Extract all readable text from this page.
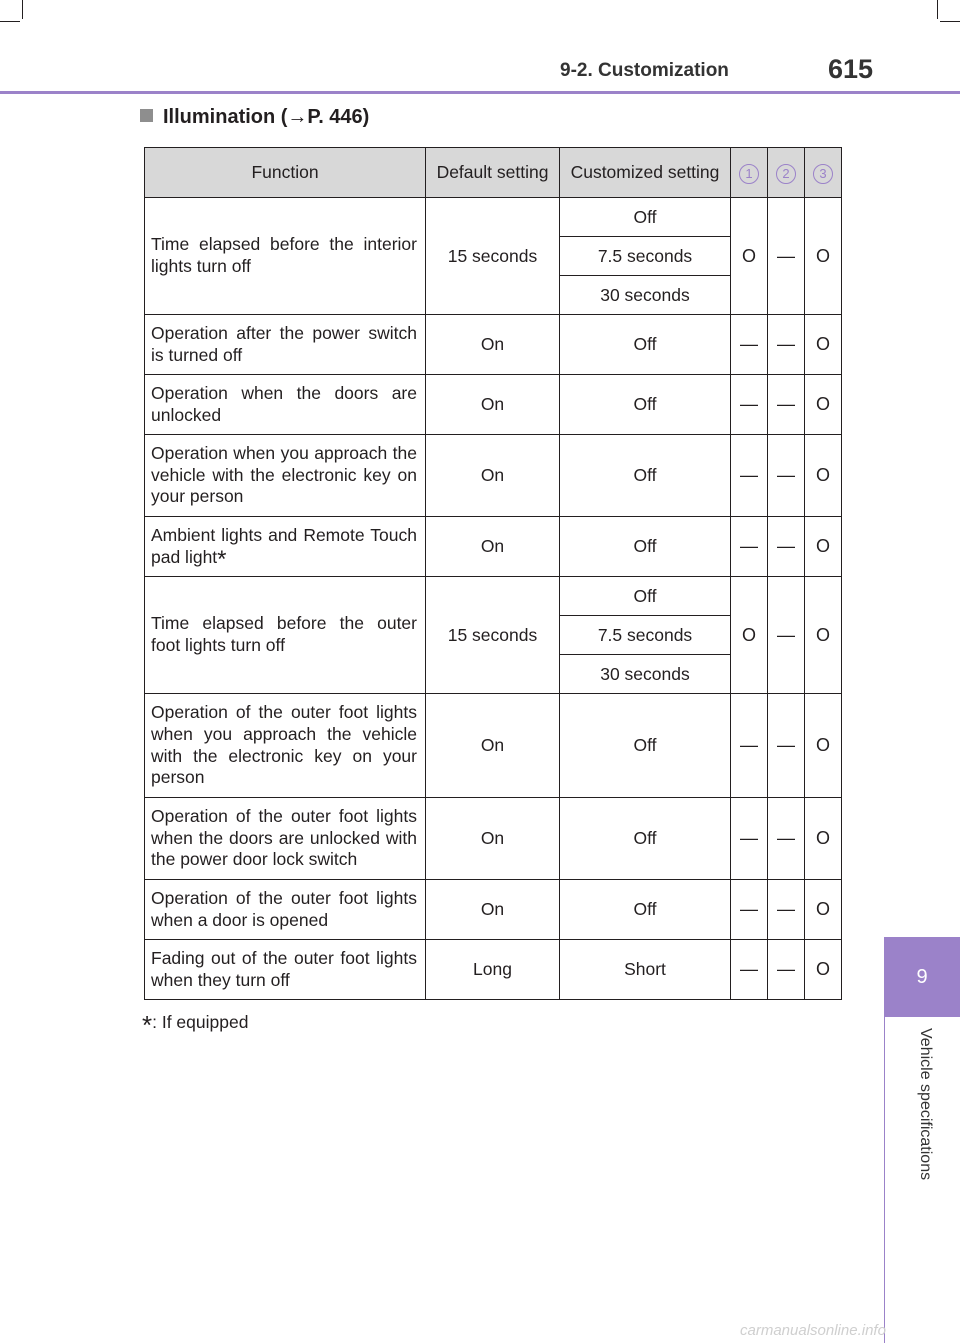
9-2. Customization	615
9
Vehicle specifications
Illumination (→P. 446)
Function	Default setting	Customized setting	1	2	3
Time elapsed before the interior lights turn off	15 seconds	Off	O	—	O
		7.5 seconds			
		30 seconds			
Operation after the power switch is turned off	On	Off	—	—	O
Operation when the doors are unlocked	On	Off	—	—	O
Operation when you approach the vehicle with the electronic key on your person	On	Off	—	—	O
Ambient lights and Remote Touch pad light*	On	Off	—	—	O
Time elapsed before the outer foot lights turn off	15 seconds	Off	O	—	O
		7.5 seconds			
		30 seconds			
Operation of the outer foot lights when you approach the vehicle with the electronic key on your person	On	Off	—	—	O
Operation of the outer foot lights when the doors are unlocked with the power door lock switch	On	Off	—	—	O
Operation of the outer foot lights when a door is opened	On	Off	—	—	O
Fading out of the outer foot lights when they turn off	Long	Short	—	—	O
*: If equipped
carmanualsonline.info
